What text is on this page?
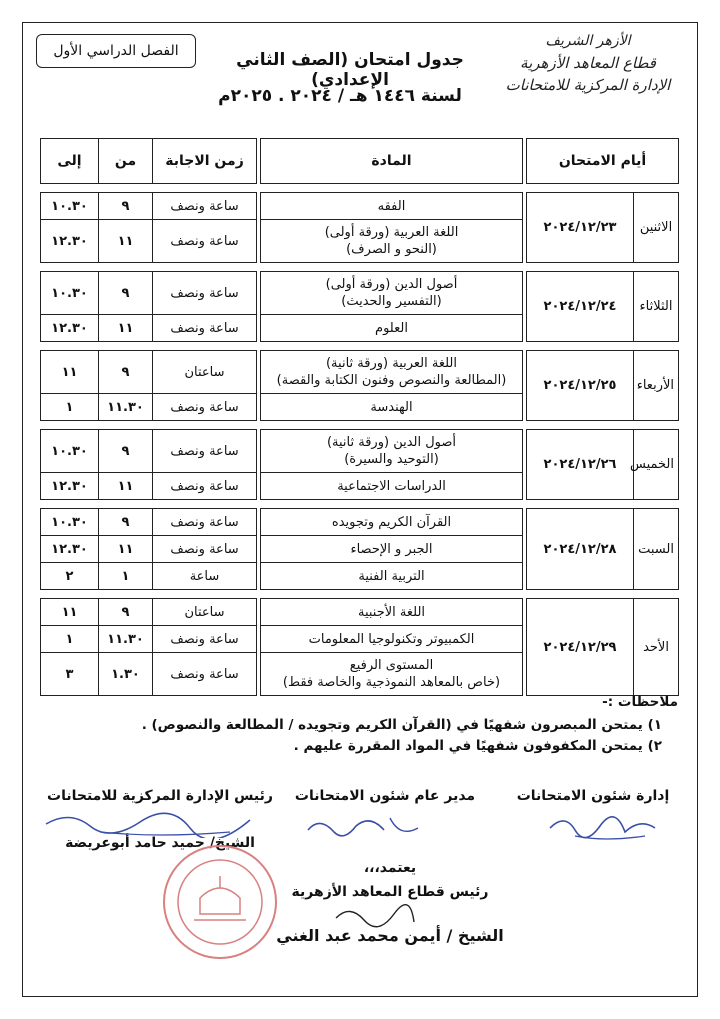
الفصل الدراسي الأول
الأزهر الشريف
قطاع المعاهد الأزهرية
الإدارة المركزية للامتحانات
جدول امتحان (الصف الثاني الإعدادي)
لسنة ١٤٤٦ هـ / ٢٠٢٤ . ٢٠٢٥م
أيام الامتحان			المادة		زمن الاجابة	من	إلى

الاثنين	٢٠٢٤/١٢/٢٣		الفقه		ساعة ونصف	٩	١٠.٣٠
			اللغة العربية (ورقة أولى)
(النحو و الصرف)		ساعة ونصف	١١	١٢.٣٠

الثلاثاء	٢٠٢٤/١٢/٢٤		أصول الدين (ورقة أولى)
(التفسير والحديث)		ساعة ونصف	٩	١٠.٣٠
			العلوم		ساعة ونصف	١١	١٢.٣٠

الأربعاء	٢٠٢٤/١٢/٢٥		اللغة العربية (ورقة ثانية)
(المطالعة والنصوص وفنون الكتابة والقصة)		ساعتان	٩	١١
			الهندسة		ساعة ونصف	١١.٣٠	١

الخميس	٢٠٢٤/١٢/٢٦		أصول الدين (ورقة ثانية)
(التوحيد والسيرة)		ساعة ونصف	٩	١٠.٣٠
			الدراسات الاجتماعية		ساعة ونصف	١١	١٢.٣٠

السبت	٢٠٢٤/١٢/٢٨		القرآن الكريم وتجويده		ساعة ونصف	٩	١٠.٣٠
			الجبر و الإحصاء		ساعة ونصف	١١	١٢.٣٠
			التربية الفنية		ساعة	١	٢

الأحد	٢٠٢٤/١٢/٢٩		اللغة الأجنبية		ساعتان	٩	١١
			الكمبيوتر وتكنولوجيا المعلومات		ساعة ونصف	١١.٣٠	١
			المستوى الرفيع
(خاص بالمعاهد النموذجية والخاصة فقط)		ساعة ونصف	١.٣٠	٣
ملاحظات :-
١) يمتحن المبصرون شفهيًا في (القرآن الكريم وتجويده / المطالعة والنصوص) .
٢) يمتحن المكفوفون شفهيًا في المواد المقررة عليهم .
إدارة شئون الامتحانات
مدير عام شئون الامتحانات
رئيس الإدارة المركزية للامتحانات
الشيخ/ حميد حامد أبوعريضة
يعتمد،،،
رئيس قطاع المعاهد الأزهرية
الشيخ / أيمن محمد عبد الغني
